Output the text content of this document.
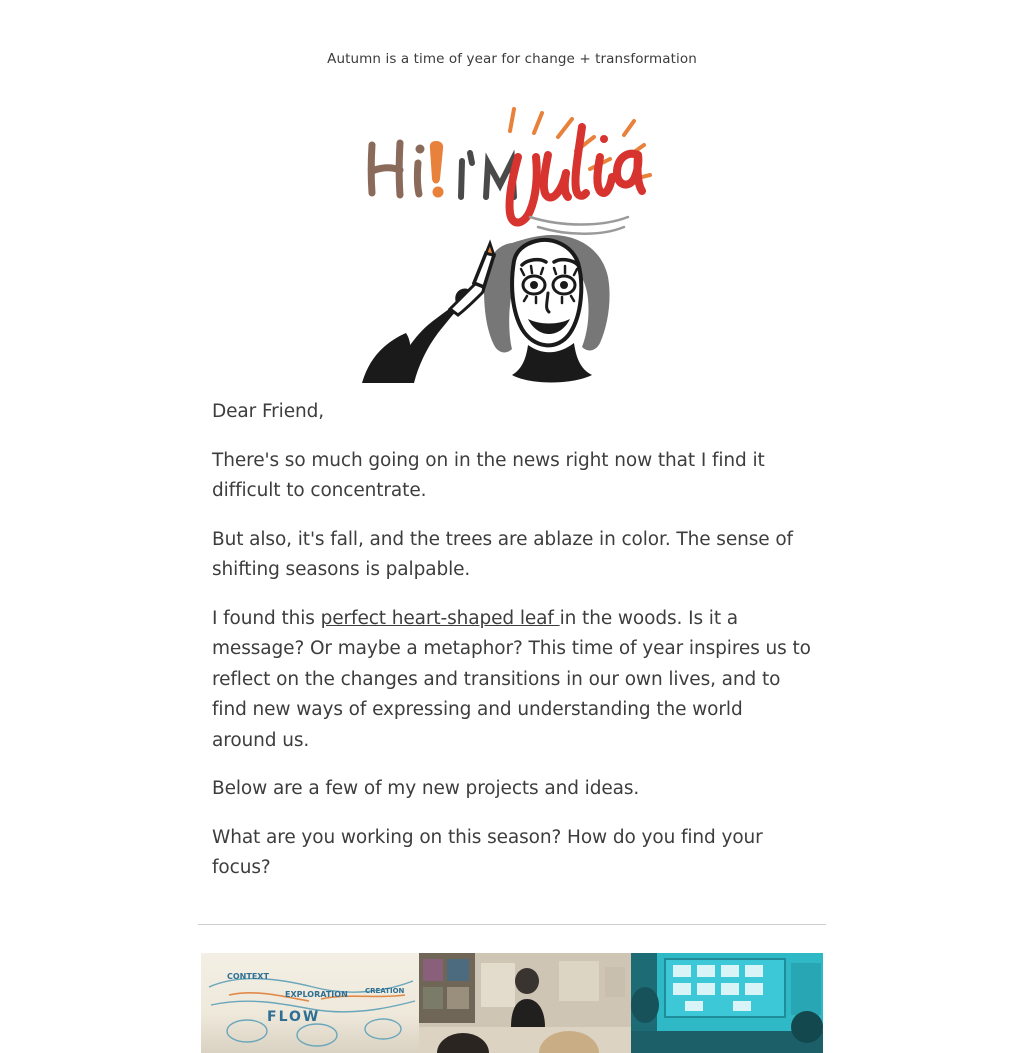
Autumn is a time of year for change + transformation

Dear Friend,

There's so much going on in the news right now that I find it difficult to concentrate.

But also, it's fall, and the trees are ablaze in color. The sense of shifting seasons is palpable.

I found this perfect heart-shaped leaf in the woods. Is it a message? Or maybe a metaphor? This time of year inspires us to reflect on the changes and transitions in our own lives, and to find new ways of expressing and understanding the world around us.

Below are a few of my new projects and ideas.

What are you working on this season? How do you find your focus?

CONTEXT
EXPLORATION CREATION
FLOW
